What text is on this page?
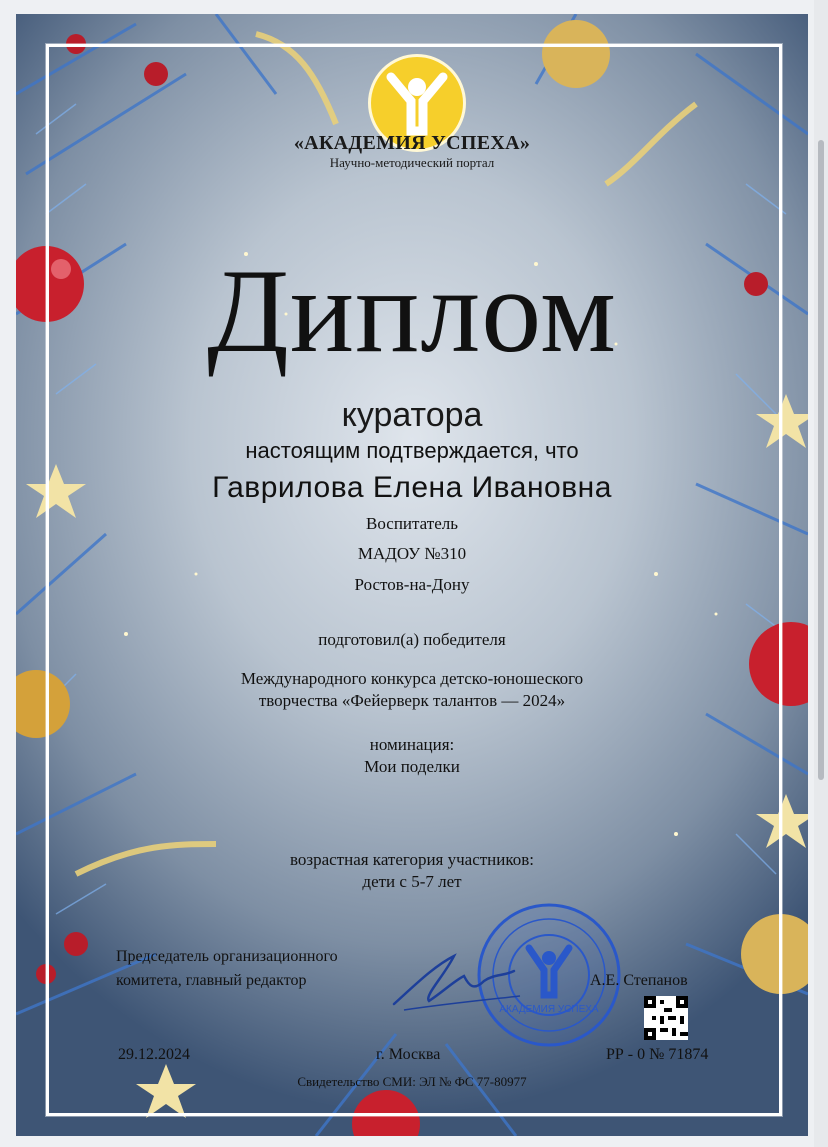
«АКАДЕМИЯ УСПЕХА»
Научно-методический портал
Диплом
куратора
настоящим подтверждается, что
Гаврилова Елена Ивановна
Воспитатель
МАДОУ №310
Ростов-на-Дону
подготовил(а) победителя
Международного конкурса детско-юношеского
творчества «Фейерверк талантов — 2024»
номинация:
Мои поделки
возрастная категория участников:
дети с 5-7 лет
АКАДЕМИЯ УСПЕХА
Председатель организационного
комитета, главный редактор	А.Е. Степанов
29.12.2024	г. Москва	РР - 0 № 71874
Свидетельство СМИ: ЭЛ № ФС 77-80977
